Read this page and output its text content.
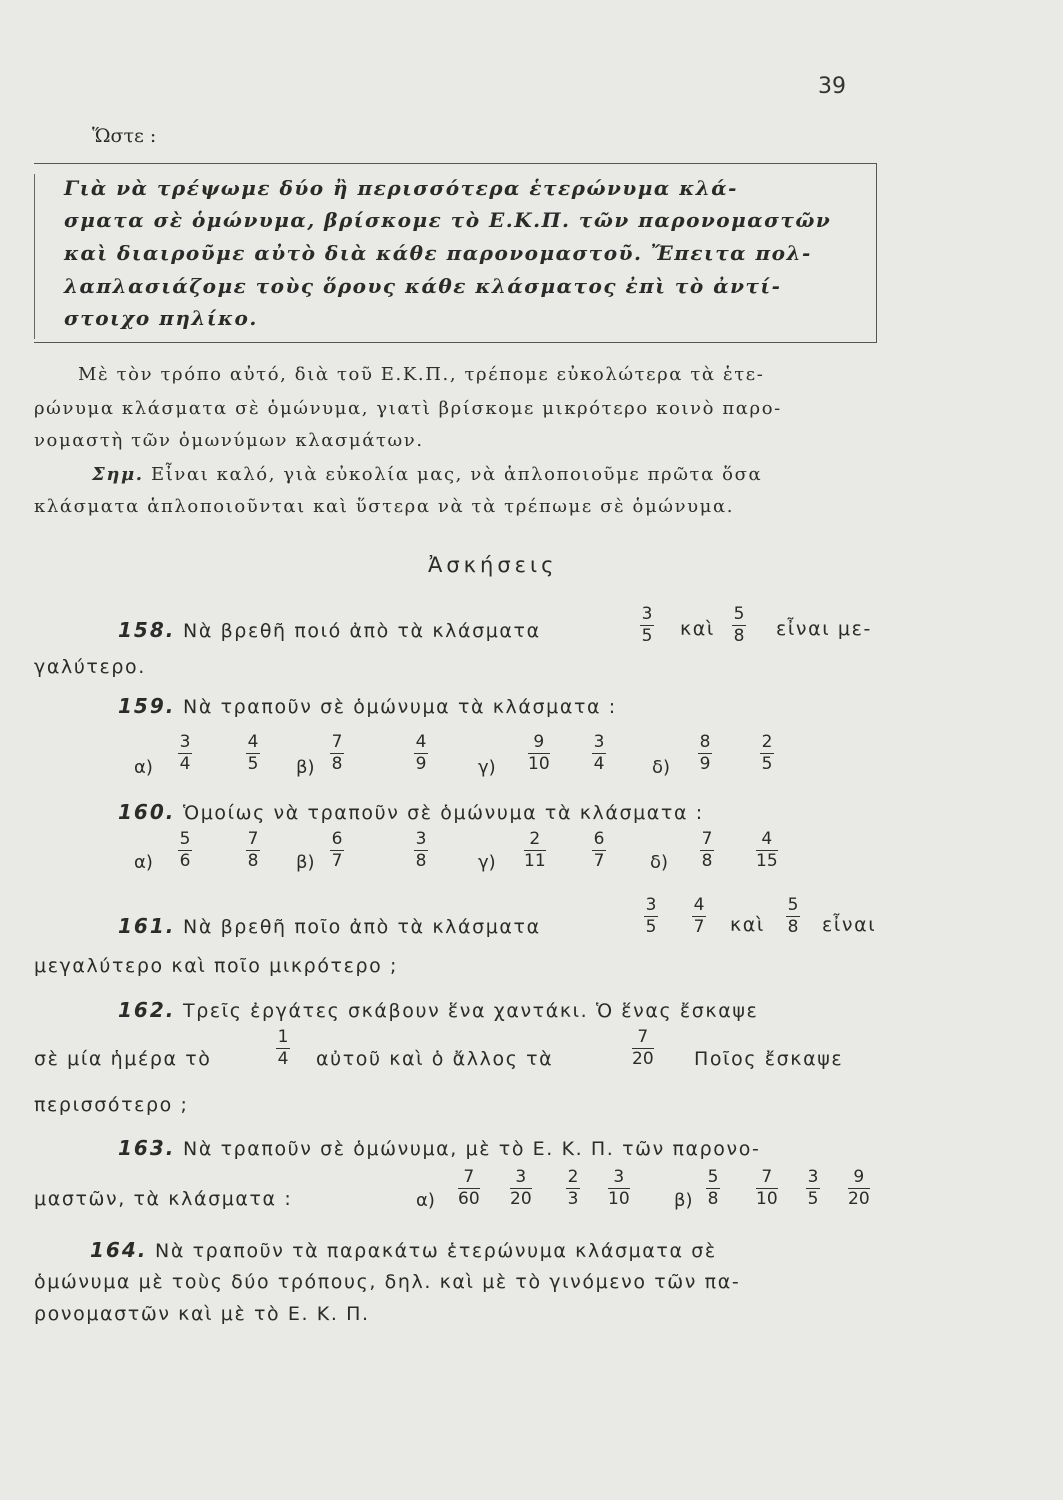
39
Ὥστε :
Γιὰ νὰ τρέψωμε δύο ἢ περισσότερα ἑτερώνυμα κλά-
σματα σὲ ὁμώνυμα, βρίσκομε τὸ Ε.Κ.Π. τῶν παρονομαστῶν
καὶ διαιροῦμε αὐτὸ διὰ κάθε παρονομαστοῦ. Ἔπειτα πολ-
λαπλασιάζομε τοὺς ὅρους κάθε κλάσματος ἐπὶ τὸ ἀντί-
στοιχο πηλίκο.
Μὲ τὸν τρόπο αὐτό, διὰ τοῦ Ε.Κ.Π., τρέπομε εὐκολώτερα τὰ ἑτε-
ρώνυμα κλάσματα σὲ ὁμώνυμα, γιατὶ βρίσκομε μικρότερο κοινὸ παρο-
νομαστὴ τῶν ὁμωνύμων κλασμάτων.
Σημ. Εἶναι καλό, γιὰ εὐκολία μας, νὰ ἁπλοποιοῦμε πρῶτα ὅσα
κλάσματα ἁπλοποιοῦνται καὶ ὕστερα νὰ τὰ τρέπωμε σὲ ὁμώνυμα.
Ἀσκήσεις
158. Νὰ βρεθῆ ποιό ἀπὸ τὰ κλάσματα
3
5 καὶ
5
8 εἶναι με-
γαλύτερο.
159. Νὰ τραποῦν σὲ ὁμώνυμα τὰ κλάσματα :
α)
3
4
4
5 β)
7
8
4
9	γ)
9
10
3
4	δ)
8
9
2
5
160. Ὁμοίως νὰ τραποῦν σὲ ὁμώνυμα τὰ κλάσματα :
α)
5
6
7
8 β)
6
7
3
8	γ)
2
11
6
7	δ)
7
8
4
15
161. Νὰ βρεθῆ ποῖο ἀπὸ τὰ κλάσματα
3
5
4
7 καὶ
5
8 εἶναι
μεγαλύτερο καὶ ποῖο μικρότερο ;
162. Τρεῖς ἐργάτες σκάβουν ἕνα χαντάκι. Ὁ ἕνας ἔσκαψε
σὲ μία ἡμέρα τὸ
1
4 αὐτοῦ καὶ ὁ ἄλλος τὰ
7
20 Ποῖος ἔσκαψε
περισσότερο ;
163. Νὰ τραποῦν σὲ ὁμώνυμα, μὲ τὸ Ε. Κ. Π. τῶν παρονο-
μαστῶν, τὰ κλάσματα :	α)
7
60
3
20
2
3
3
10 β)
5
8
7
10
3
5
9
20
164. Νὰ τραποῦν τὰ παρακάτω ἑτερώνυμα κλάσματα σὲ
ὁμώνυμα μὲ τοὺς δύο τρόπους, δηλ. καὶ μὲ τὸ γινόμενο τῶν πα-
ρονομαστῶν καὶ μὲ τὸ Ε. Κ. Π.
